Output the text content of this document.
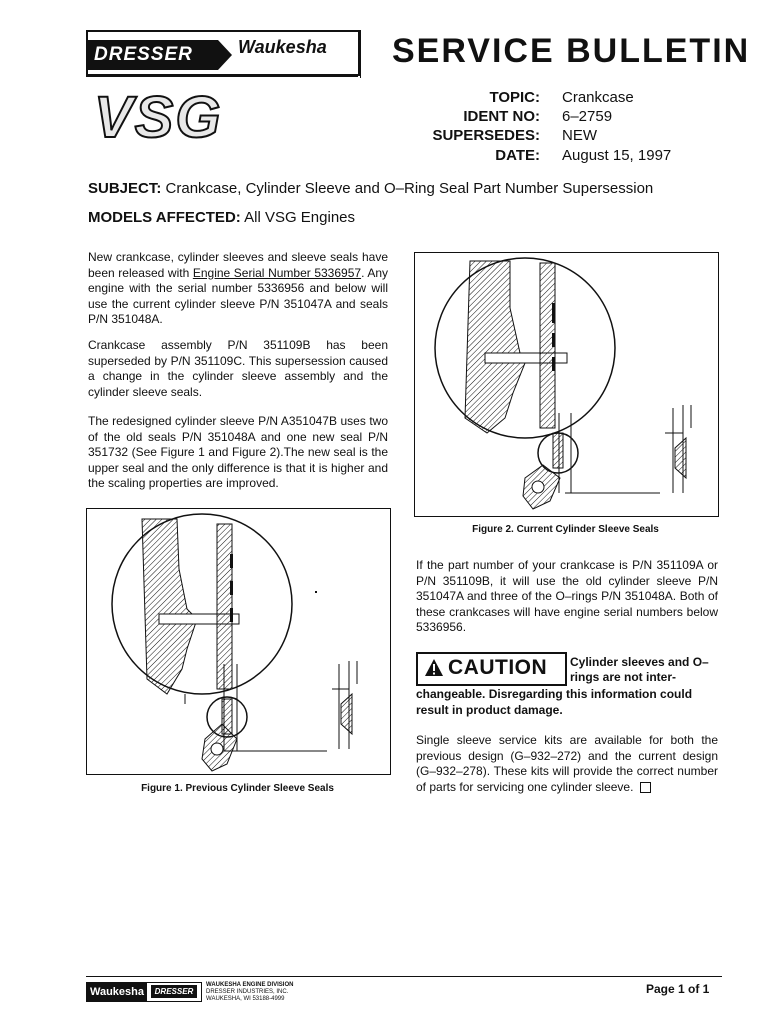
DRESSER	Waukesha SERVICE BULLETIN
VSG	TOPIC: Crankcase
IDENT NO: 6–2759
SUPERSEDES: NEW
DATE: August 15, 1997
SUBJECT: Crankcase, Cylinder Sleeve and O–Ring Seal Part Number Supersession
MODELS AFFECTED: All VSG Engines
New crankcase, cylinder sleeves and sleeve seals have been released with Engine Serial Number 5336957. Any engine with the serial number 5336956 and below will use the current cylinder sleeve P/N 351047A and seals P/N 351048A.
Crankcase assembly P/N 351109B has been superseded by P/N 351109C. This supersession caused a change in the cylinder sleeve assembly and the cylinder sleeve seals.
The redesigned cylinder sleeve P/N A351047B uses two of the old seals P/N 351048A and one new seal P/N 351732 (See Figure 1 and Figure 2).The new seal is the upper seal and the only difference is that it is higher and the scaling properties are improved.
Figure 1. Previous Cylinder Sleeve Seals
Figure 2. Current Cylinder Sleeve Seals
If the part number of your crankcase is P/N 351109A or P/N 351109B, it will use the old cylinder sleeve P/N 351047A and three of the O–rings P/N 351048A. Both of these crankcases will have engine serial numbers below 5336956.
CAUTION Cylinder sleeves and O–rings are not inter-
changeable. Disregarding this information could result in product damage.
Single sleeve service kits are available for both the previous design (G–932–272) and the current design (G–932–278). These kits will provide the correct number of parts for servicing one cylinder sleeve.
Waukesha	DRESSER
WAUKESHA ENGINE DIVISION
DRESSER INDUSTRIES, INC.
WAUKESHA, WI 53188-4999
Page 1 of 1
